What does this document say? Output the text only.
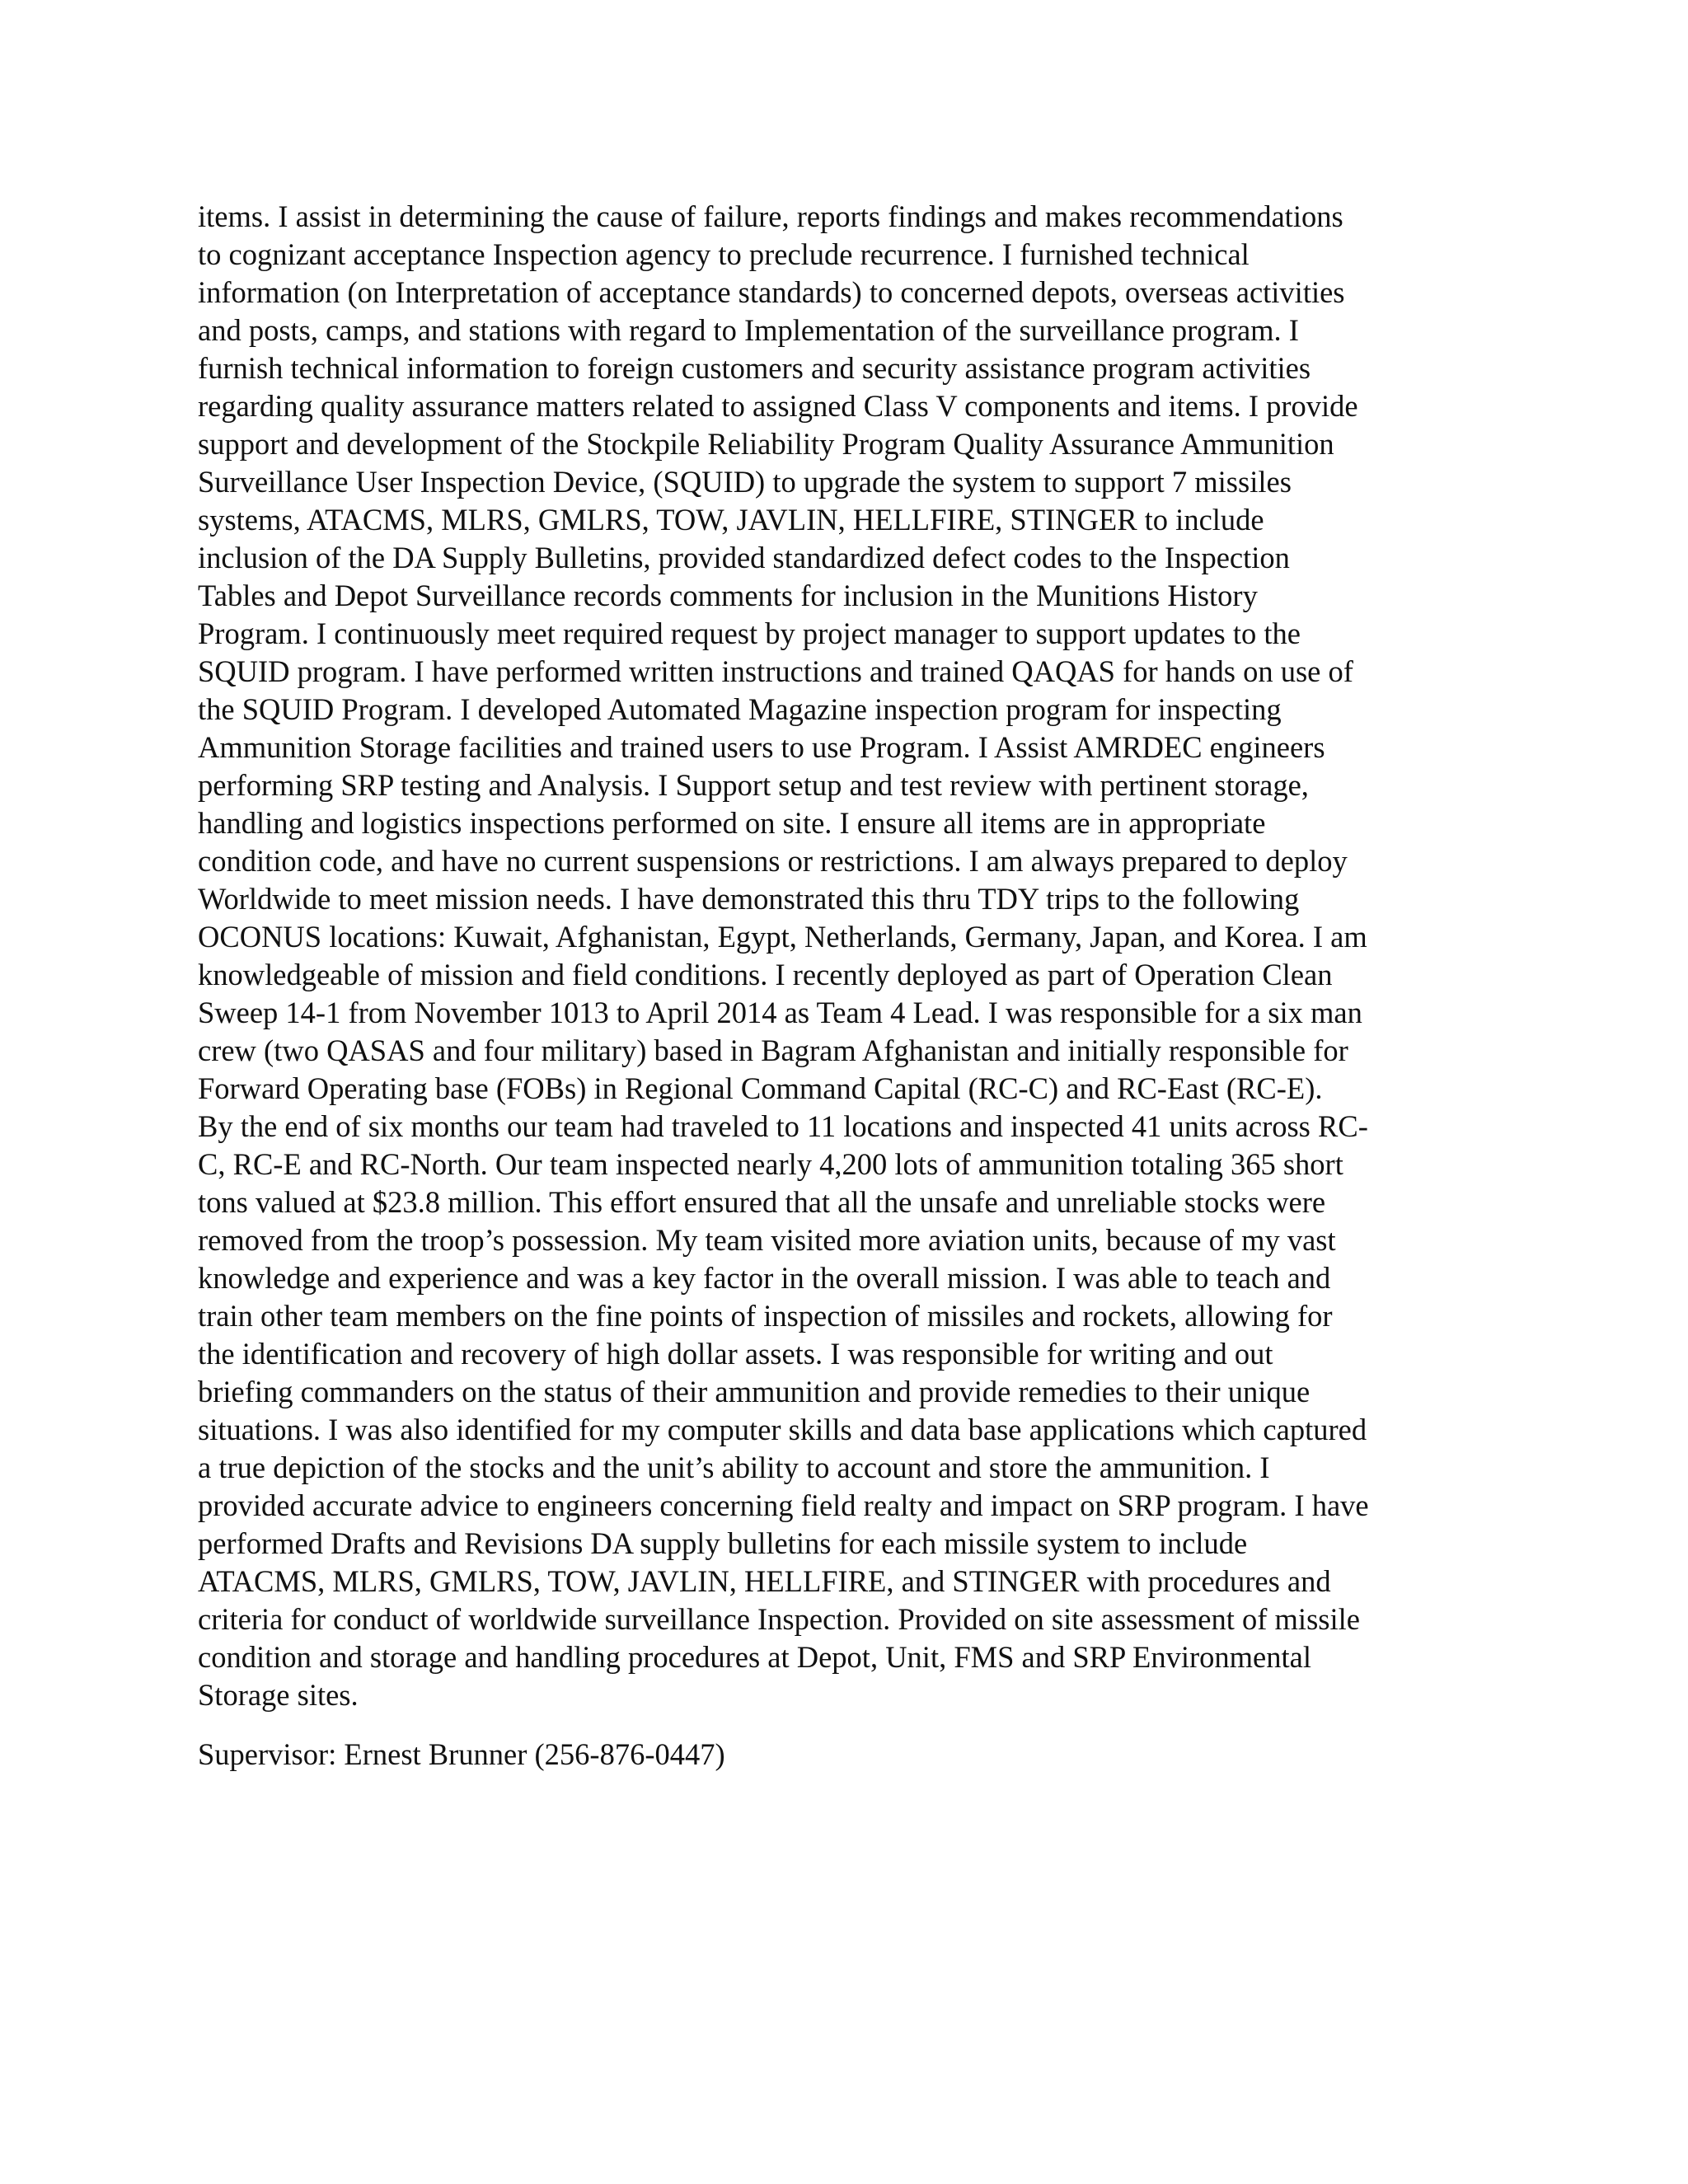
items. I assist in determining the cause of failure, reports findings and makes recommendations
to cognizant acceptance Inspection agency to preclude recurrence. I furnished technical
information (on Interpretation of acceptance standards) to concerned depots, overseas activities
and posts, camps, and stations with regard to Implementation of the surveillance program. I
furnish technical information to foreign customers and security assistance program activities
regarding quality assurance matters related to assigned Class V components and items. I provide
support and development of the Stockpile Reliability Program Quality Assurance Ammunition
Surveillance User Inspection Device, (SQUID) to upgrade the system to support 7 missiles
systems, ATACMS, MLRS, GMLRS, TOW, JAVLIN, HELLFIRE, STINGER to include
inclusion of the DA Supply Bulletins, provided standardized defect codes to the Inspection
Tables and Depot Surveillance records comments for inclusion in the Munitions History
Program. I continuously meet required request by project manager to support updates to the
SQUID program. I have performed written instructions and trained QAQAS for hands on use of
the SQUID Program. I developed Automated Magazine inspection program for inspecting
Ammunition Storage facilities and trained users to use Program. I Assist AMRDEC engineers
performing SRP testing and Analysis. I Support setup and test review with pertinent storage,
handling and logistics inspections performed on site. I ensure all items are in appropriate
condition code, and have no current suspensions or restrictions. I am always prepared to deploy
Worldwide to meet mission needs. I have demonstrated this thru TDY trips to the following
OCONUS locations: Kuwait, Afghanistan, Egypt, Netherlands, Germany, Japan, and Korea. I am
knowledgeable of mission and field conditions. I recently deployed as part of Operation Clean
Sweep 14-1 from November 1013 to April 2014 as Team 4 Lead. I was responsible for a six man
crew (two QASAS and four military) based in Bagram Afghanistan and initially responsible for
Forward Operating base (FOBs) in Regional Command Capital (RC-C) and RC-East (RC-E).
By the end of six months our team had traveled to 11 locations and inspected 41 units across RC-
C, RC-E and RC-North. Our team inspected nearly 4,200 lots of ammunition totaling 365 short
tons valued at $23.8 million. This effort ensured that all the unsafe and unreliable stocks were
removed from the troop’s possession. My team visited more aviation units, because of my vast
knowledge and experience and was a key factor in the overall mission. I was able to teach and
train other team members on the fine points of inspection of missiles and rockets, allowing for
the identification and recovery of high dollar assets. I was responsible for writing and out
briefing commanders on the status of their ammunition and provide remedies to their unique
situations. I was also identified for my computer skills and data base applications which captured
a true depiction of the stocks and the unit’s ability to account and store the ammunition. I
provided accurate advice to engineers concerning field realty and impact on SRP program. I have
performed Drafts and Revisions DA supply bulletins for each missile system to include
ATACMS, MLRS, GMLRS, TOW, JAVLIN, HELLFIRE, and STINGER with procedures and
criteria for conduct of worldwide surveillance Inspection. Provided on site assessment of missile
condition and storage and handling procedures at Depot, Unit, FMS and SRP Environmental
Storage sites.
Supervisor: Ernest Brunner (256-876-0447)
